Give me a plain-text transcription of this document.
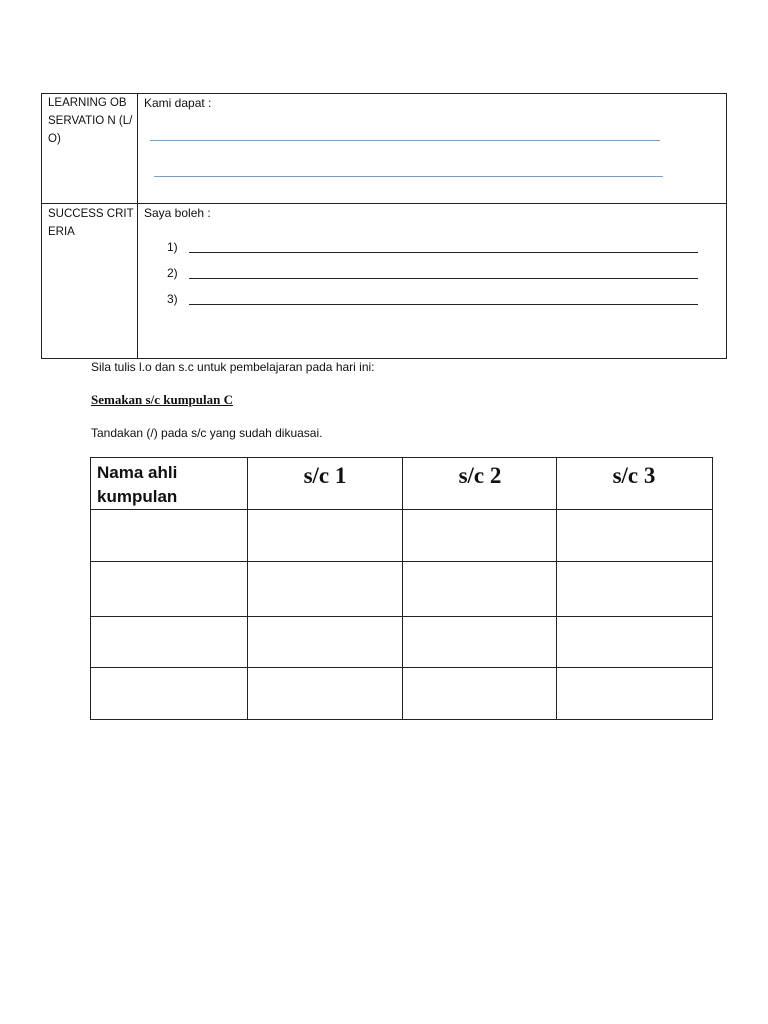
LEARNING OBSERVATIO N (L/O)
Kami dapat :
SUCCESS CRITERIA
Saya boleh :
1)
2)
3)
Sila tulis l.o dan s.c untuk pembelajaran pada hari ini:
Semakan s/c kumpulan C
Tandakan (/) pada s/c yang sudah dikuasai.
Nama ahli kumpulan
s/c 1	s/c 2	s/c 3
